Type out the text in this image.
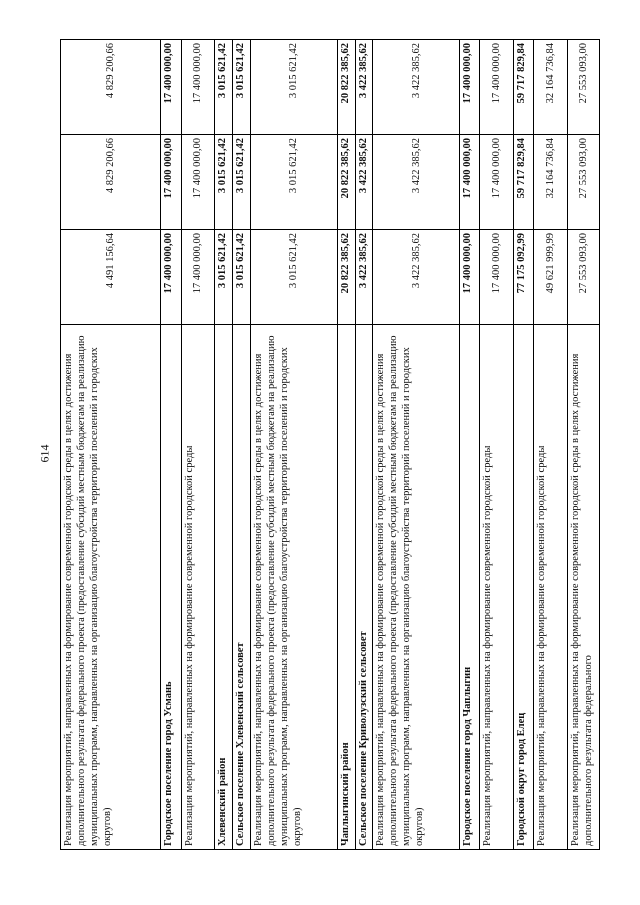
614 Реализация мероприятий, направленных на формирование современной городской среды в целях достижения дополнительного результата федерального проекта (предоставление субсидий местным бюджетам на реализацию муниципальных программ, направленных на организацию благоустройства территорий поселений и городских округов)	4 491 156,64	4 829 200,66	4 829 200,66
Городское поселение город Усмань	17 400 000,00	17 400 000,00	17 400 000,00
Реализация мероприятий, направленных на формирование современной городской среды	17 400 000,00	17 400 000,00	17 400 000,00
Хлевенский район	3 015 621,42	3 015 621,42	3 015 621,42
Сельское поселение Хлевенский сельсовет	3 015 621,42	3 015 621,42	3 015 621,42
Реализация мероприятий, направленных на формирование современной городской среды в целях достижения дополнительного результата федерального проекта (предоставление субсидий местным бюджетам на реализацию муниципальных программ, направленных на организацию благоустройства территорий поселений и городских округов)	3 015 621,42	3 015 621,42	3 015 621,42
Чаплыгинский район	20 822 385,62	20 822 385,62	20 822 385,62
Сельское поселение Криволузский сельсовет	3 422 385,62	3 422 385,62	3 422 385,62
Реализация мероприятий, направленных на формирование современной городской среды в целях достижения дополнительного результата федерального проекта (предоставление субсидий местным бюджетам на реализацию муниципальных программ, направленных на организацию благоустройства территорий поселений и городских округов)	3 422 385,62	3 422 385,62	3 422 385,62
Городское поселение город Чаплыгин	17 400 000,00	17 400 000,00	17 400 000,00
Реализация мероприятий, направленных на формирование современной городской среды	17 400 000,00	17 400 000,00	17 400 000,00
Городской округ город Елец	77 175 092,99	59 717 829,84	59 717 829,84
Реализация мероприятий, направленных на формирование современной городской среды	49 621 999,99	32 164 736,84	32 164 736,84
Реализация мероприятий, направленных на формирование современной городской среды в целях достижения дополнительного результата федерального	27 553 093,00	27 553 093,00	27 553 093,00
